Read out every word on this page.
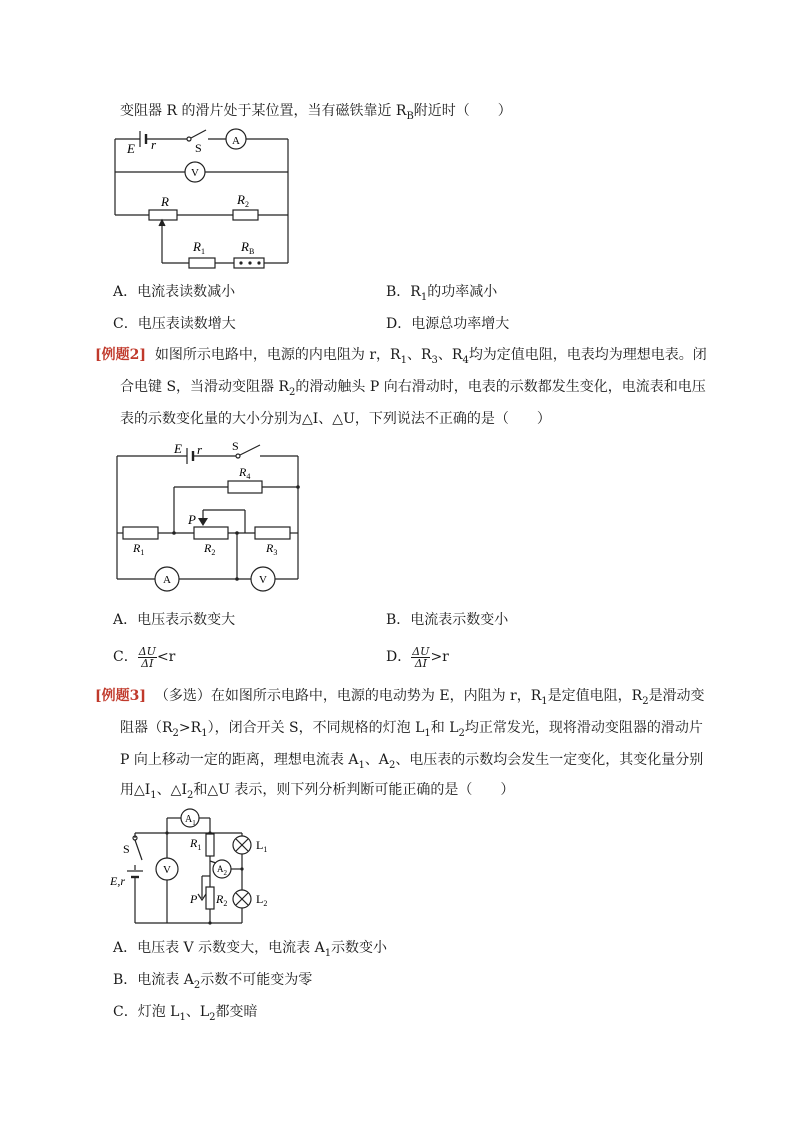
变阻器 R 的滑片处于某位置，当有磁铁靠近 $R_B$附近时（　　）
E r	S	A
V
R	$R_2$
$R_1$	$R_B$
A．电流表读数减小	B．$R_1$的功率减小
C．电压表读数增大	D．电源总功率增大
[例题2] 如图所示电路中，电源的内电阻为 r，$R_1$、$R_3$、$R_4$均为定值电阻，电表均为理想电表。闭
合电键 S，当滑动变阻器 $R_2$的滑动触头 P 向右滑动时，电表的示数都发生变化，电流表和电压
表的示数变化量的大小分别为△I、△U，下列说法不正确的是（　　）
E r S
$R_4$
P
$R_1$	$R_2$	$R_3$
A	V
A．电压表示数变大	B．电流表示数变小
C． $\frac{\Delta U}{\Delta I} <r$	D． $\frac{\Delta U}{\Delta I} >r$
[例题3] （多选）在如图所示电路中，电源的电动势为 E，内阻为 r，$R_1$是定值电阻，$R_2$是滑动变
阻器$(R_2>R_1)$，闭合开关 S，不同规格的灯泡 $L_1$和 $L_2$均正常发光，现将滑动变阻器的滑动片
P 向上移动一定的距离，理想电流表 $A_1$、$A_2$、电压表的示数均会发生一定变化，其变化量分别
用$\triangle I_1$、$\triangle I_2$和△U 表示，则下列分析判断可能正确的是（　　）
$A_1$
S	$R_1$	$L_1$
V	$A_2$
E,r
P $R_2$ $L_2$
A．电压表 V 示数变大，电流表 $A_1$示数变小
B．电流表 $A_2$示数不可能变为零
C．灯泡 $L_1$、$L_2$都变暗
